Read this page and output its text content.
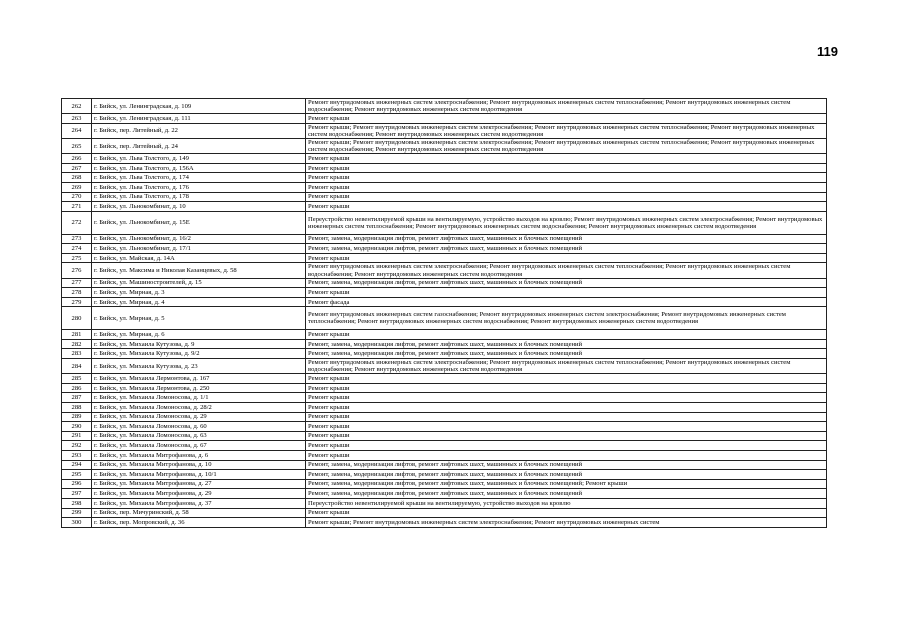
119
262	г. Бийск, ул. Ленинградская, д. 109	Ремонт внутридомовых инженерных систем электроснабжения; Ремонт внутридомовых инженерных систем теплоснабжения; Ремонт внутридомовых инженерных систем водоснабжения; Ремонт внутридомовых инженерных систем водоотведения
263	г. Бийск, ул. Ленинградская, д. 111	Ремонт крыши
264	г. Бийск, пер. Литейный, д. 22	Ремонт крыши; Ремонт внутридомовых инженерных систем электроснабжения; Ремонт внутридомовых инженерных систем теплоснабжения; Ремонт внутридомовых инженерных систем водоснабжения; Ремонт внутридомовых инженерных систем водоотведения
265	г. Бийск, пер. Литейный, д. 24	Ремонт крыши; Ремонт внутридомовых инженерных систем электроснабжения; Ремонт внутридомовых инженерных систем теплоснабжения; Ремонт внутридомовых инженерных систем водоснабжения; Ремонт внутридомовых инженерных систем водоотведения
266	г. Бийск, ул. Льва Толстого, д. 149	Ремонт крыши
267	г. Бийск, ул. Льва Толстого, д. 156А	Ремонт крыши
268	г. Бийск, ул. Льва Толстого, д. 174	Ремонт крыши
269	г. Бийск, ул. Льва Толстого, д. 176	Ремонт крыши
270	г. Бийск, ул. Льва Толстого, д. 178	Ремонт крыши
271	г. Бийск, ул. Льнокомбинат, д. 10	Ремонт крыши
272	г. Бийск, ул. Льнокомбинат, д. 15Е	Переустройство невентилируемой крыши на вентилируемую, устройство выходов на кровлю; Ремонт внутридомовых инженерных систем электроснабжения; Ремонт внутридомовых инженерных систем теплоснабжения; Ремонт внутридомовых инженерных систем водоснабжения; Ремонт внутридомовых инженерных систем водоотведения
273	г. Бийск, ул. Льнокомбинат, д. 16/2	Ремонт, замена, модернизация лифтов, ремонт лифтовых шахт, машинных и блочных помещений
274	г. Бийск, ул. Льнокомбинат, д. 17/1	Ремонт, замена, модернизация лифтов, ремонт лифтовых шахт, машинных и блочных помещений
275	г. Бийск, ул. Майская, д. 14А	Ремонт крыши
276	г. Бийск, ул. Максима и Николая Казанцевых, д. 58	Ремонт внутридомовых инженерных систем электроснабжения; Ремонт внутридомовых инженерных систем теплоснабжения; Ремонт внутридомовых инженерных систем водоснабжения; Ремонт внутридомовых инженерных систем водоотведения
277	г. Бийск, ул. Машиностроителей, д. 15	Ремонт, замена, модернизация лифтов, ремонт лифтовых шахт, машинных и блочных помещений
278	г. Бийск, ул. Мирная, д. 3	Ремонт крыши
279	г. Бийск, ул. Мирная, д. 4	Ремонт фасада
280	г. Бийск, ул. Мирная, д. 5	Ремонт внутридомовых инженерных систем газоснабжения; Ремонт внутридомовых инженерных систем электроснабжения; Ремонт внутридомовых инженерных систем теплоснабжения; Ремонт внутридомовых инженерных систем водоснабжения; Ремонт внутридомовых инженерных систем водоотведения
281	г. Бийск, ул. Мирная, д. 6	Ремонт крыши
282	г. Бийск, ул. Михаила Кутузова, д. 9	Ремонт, замена, модернизация лифтов, ремонт лифтовых шахт, машинных и блочных помещений
283	г. Бийск, ул. Михаила Кутузова, д. 9/2	Ремонт, замена, модернизация лифтов, ремонт лифтовых шахт, машинных и блочных помещений
284	г. Бийск, ул. Михаила Кутузова, д. 23	Ремонт внутридомовых инженерных систем электроснабжения; Ремонт внутридомовых инженерных систем теплоснабжения; Ремонт внутридомовых инженерных систем водоснабжения; Ремонт внутридомовых инженерных систем водоотведения
285	г. Бийск, ул. Михаила Лермонтова, д. 167	Ремонт крыши
286	г. Бийск, ул. Михаила Лермонтова, д. 250	Ремонт крыши
287	г. Бийск, ул. Михаила Ломоносова, д. 1/1	Ремонт крыши
288	г. Бийск, ул. Михаила Ломоносова, д. 28/2	Ремонт крыши
289	г. Бийск, ул. Михаила Ломоносова, д. 29	Ремонт крыши
290	г. Бийск, ул. Михаила Ломоносова, д. 60	Ремонт крыши
291	г. Бийск, ул. Михаила Ломоносова, д. 63	Ремонт крыши
292	г. Бийск, ул. Михаила Ломоносова, д. 67	Ремонт крыши
293	г. Бийск, ул. Михаила Митрофанова, д. 6	Ремонт крыши
294	г. Бийск, ул. Михаила Митрофанова, д. 10	Ремонт, замена, модернизация лифтов, ремонт лифтовых шахт, машинных и блочных помещений
295	г. Бийск, ул. Михаила Митрофанова, д. 10/1	Ремонт, замена, модернизация лифтов, ремонт лифтовых шахт, машинных и блочных помещений
296	г. Бийск, ул. Михаила Митрофанова, д. 27	Ремонт, замена, модернизация лифтов, ремонт лифтовых шахт, машинных и блочных помещений; Ремонт крыши
297	г. Бийск, ул. Михаила Митрофанова, д. 29	Ремонт, замена, модернизация лифтов, ремонт лифтовых шахт, машинных и блочных помещений
298	г. Бийск, ул. Михаила Митрофанова, д. 37	Переустройство невентилируемой крыши на вентилируемую, устройство выходов на кровлю
299	г. Бийск, пер. Мичуринский, д. 58	Ремонт крыши
300	г. Бийск, пер. Мопровский, д. 36	Ремонт крыши; Ремонт внутридомовых инженерных систем электроснабжения; Ремонт внутридомовых инженерных систем
